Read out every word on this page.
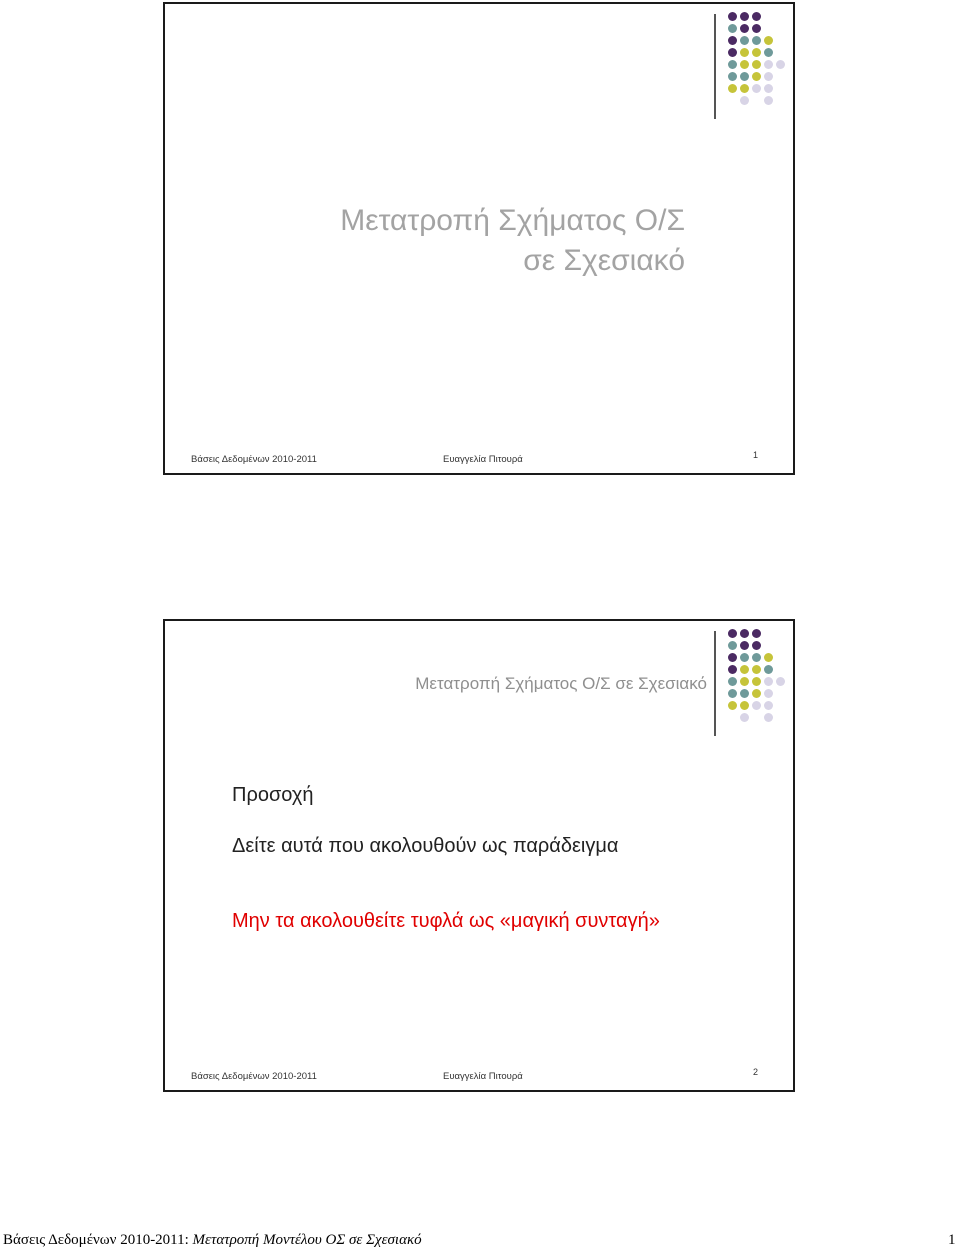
Μετατροπή Σχήματος Ο/Σ
σε Σχεσιακό
Βάσεις Δεδομένων 2010-2011	Ευαγγελία Πιτουρά	1
Μετατροπή Σχήματος Ο/Σ σε Σχεσιακό
Προσοχή
Δείτε αυτά που ακολουθούν ως παράδειγμα
Μην τα ακολουθείτε τυφλά ως «μαγική συνταγή»
Βάσεις Δεδομένων 2010-2011	Ευαγγελία Πιτουρά	2
Βάσεις Δεδομένων 2010-2011: Μετατροπή Μοντέλου ΟΣ σε Σχεσιακό	1
